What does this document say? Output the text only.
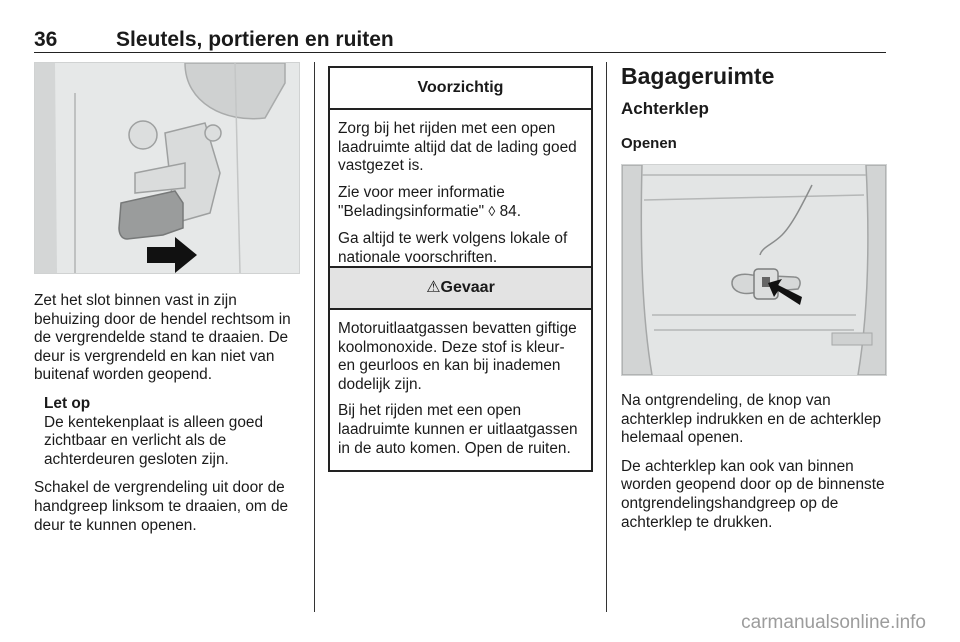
36	Sleutels, portieren en ruiten

Zet het slot binnen vast in zijn behuizing door de hendel rechtsom in de vergrendelde stand te draaien. De deur is vergrendeld en kan niet van buitenaf worden geopend.

Let op
De kentekenplaat is alleen goed zichtbaar en verlicht als de achterdeuren gesloten zijn.

Schakel de vergrendeling uit door de handgreep linksom te draaien, om de deur te kunnen openen.

Voorzichtig

Zorg bij het rijden met een open laadruimte altijd dat de lading goed vastgezet is.

Zie voor meer informatie "Beladingsinformatie" ◊ 84.

Ga altijd te werk volgens lokale of nationale voorschriften.

⚠Gevaar

Motoruitlaatgassen bevatten giftige koolmonoxide. Deze stof is kleur- en geurloos en kan bij inademen dodelijk zijn.

Bij het rijden met een open laadruimte kunnen er uitlaatgassen in de auto komen. Open de ruiten.

Bagageruimte
Achterklep
Openen

Na ontgrendeling, de knop van achterklep indrukken en de achterklep helemaal openen.

De achterklep kan ook van binnen worden geopend door op de binnenste ontgrendelingshandgreep op de achterklep te drukken.

carmanualsonline.info
